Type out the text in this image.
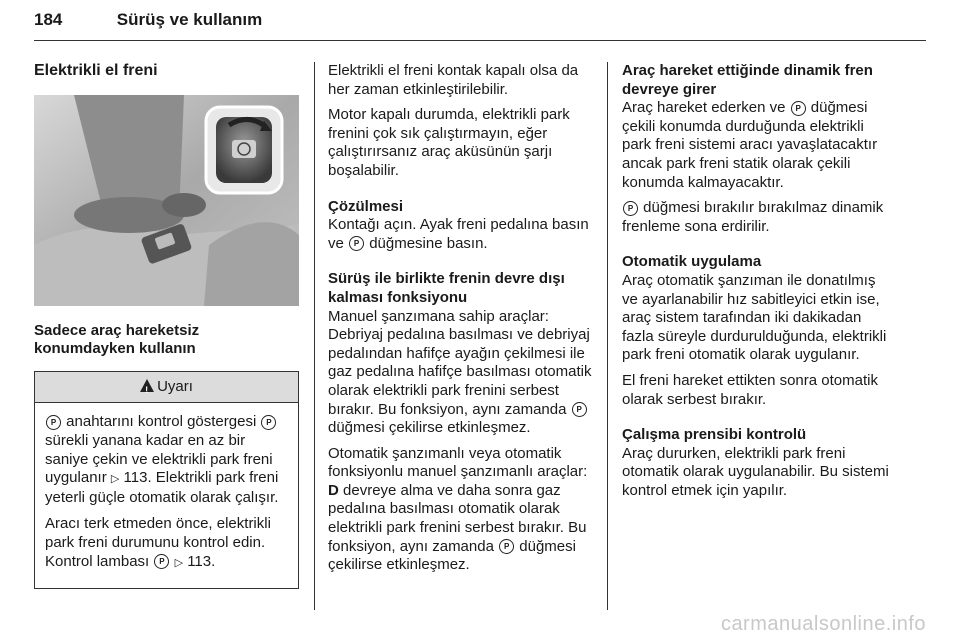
184	Sürüş ve kullanım
Elektrikli el freni
Sadece araç hareketsiz konumdayken kullanın
!Uyarı

P anahtarını kontrol göstergesi P sürekli yanana kadar en az bir saniye çekin ve elektrikli park freni uygulanır ▷ 113. Elektrikli park freni yeterli güçle otomatik olarak çalışır.

Aracı terk etmeden önce, elektrikli park freni durumunu kontrol edin. Kontrol lambası P ▷ 113.

Elektrikli el freni kontak kapalı olsa da her zaman etkinleştirilebilir.

Motor kapalı durumda, elektrikli park frenini çok sık çalıştırmayın, eğer çalıştırırsanız araç aküsünün şarjı boşalabilir.

Çözülmesi

Kontağı açın. Ayak freni pedalına basın ve P düğmesine basın.

Sürüş ile birlikte frenin devre dışı kalması fonksiyonu

Manuel şanzımana sahip araçlar: Debriyaj pedalına basılması ve debriyaj pedalından hafifçe ayağın çekilmesi ile gaz pedalına hafifçe basılması otomatik olarak elektrikli park frenini serbest bırakır. Bu fonksiyon, aynı zamanda P düğmesi çekilirse etkinleşmez.

Otomatik şanzımanlı veya otomatik fonksiyonlu manuel şanzımanlı araçlar: D devreye alma ve daha sonra gaz pedalına basılması otomatik olarak elektrikli park frenini serbest bırakır. Bu fonksiyon, aynı zamanda P düğmesi çekilirse etkinleşmez.

Araç hareket ettiğinde dinamik fren devreye girer

Araç hareket ederken ve P düğmesi çekili konumda durduğunda elektrikli park freni sistemi aracı yavaşlatacaktır ancak park freni statik olarak çekili konumda kalmayacaktır.

P düğmesi bırakılır bırakılmaz dinamik frenleme sona erdirilir.

Otomatik uygulama

Araç otomatik şanzıman ile donatılmış ve ayarlanabilir hız sabitleyici etkin ise, araç sistem tarafından iki dakikadan fazla süreyle durdurulduğunda, elektrikli park freni otomatik olarak uygulanır.

El freni hareket ettikten sonra otomatik olarak serbest bırakır.

Çalışma prensibi kontrolü

Araç dururken, elektrikli park freni otomatik olarak uygulanabilir. Bu sistemi kontrol etmek için yapılır.

carmanualsonline.info
